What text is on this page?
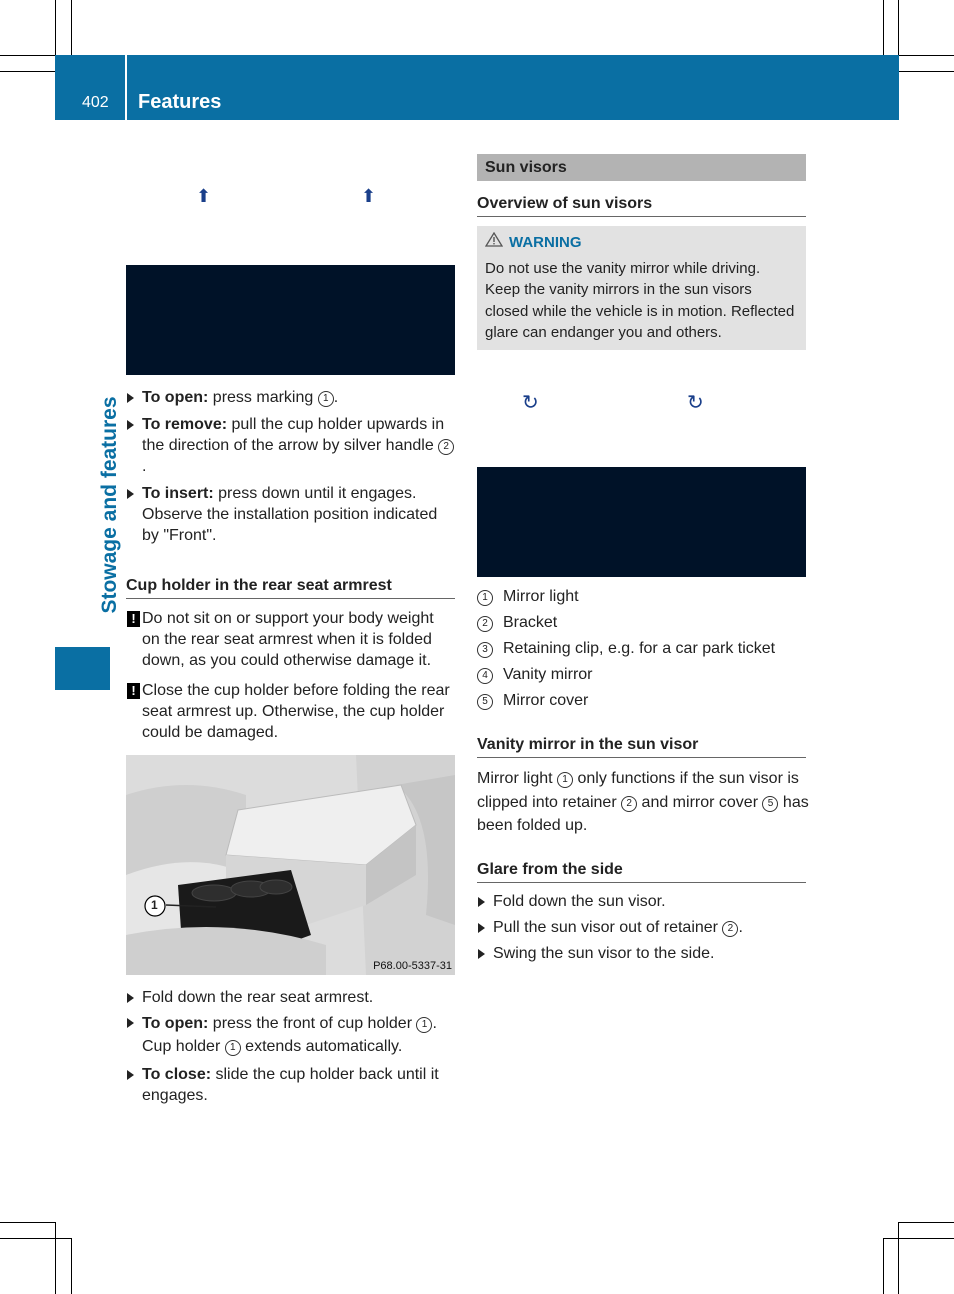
402 Features
Stowage and features
⬆	⬆

To open: press marking 1 .

To remove: pull the cup holder upwards in the direction of the arrow by silver handle 2.

To insert: press down until it engages. Observe the installation position indicated by "Front".

Cup holder in the rear seat armrest
! Do not sit on or support your body weight on the rear seat armrest when it is folded down, as you could otherwise damage it.
! Close the cup holder before folding the rear seat armrest up. Otherwise, the cup holder could be damaged.
1
P68.00-5337-31

Fold down the rear seat armrest.

To open: press the front of cup holder 1 . Cup holder 1 extends automatically.

To close: slide the cup holder back until it engages.

Sun visors
Overview of sun visors
WARNING
Do not use the vanity mirror while driving. Keep the vanity mirrors in the sun visors closed while the vehicle is in motion. Reflected glare can endanger you and others.
↻	↻
1 Mirror light
2 Bracket
3 Retaining clip, e.g. for a car park ticket
4 Vanity mirror
5 Mirror cover
Vanity mirror in the sun visor

Mirror light 1 only functions if the sun visor is clipped into retainer 2 and mirror cover 5 has been folded up.

Glare from the side

Fold down the sun visor.

Pull the sun visor out of retainer 2 .

Swing the sun visor to the side.
